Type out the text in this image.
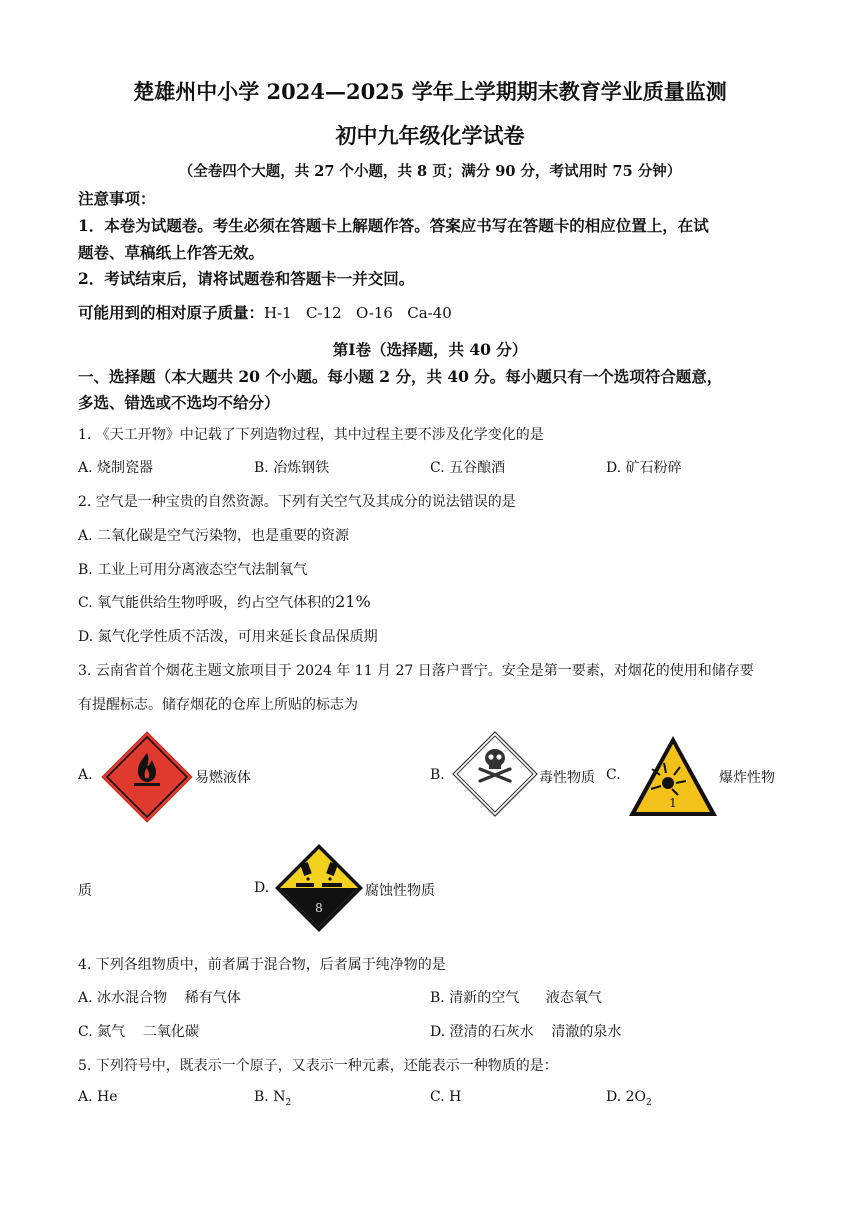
楚雄州中小学 2024—2025 学年上学期期末教育学业质量监测
初中九年级化学试卷
（全卷四个大题，共 27 个小题，共 8 页；满分 90 分，考试用时 75 分钟）
注意事项：
1．本卷为试题卷。考生必须在答题卡上解题作答。答案应书写在答题卡的相应位置上，在试
题卷、草稿纸上作答无效。
2．考试结束后，请将试题卷和答题卡一并交回。
可能用到的相对原子质量：H-1   C-12   O-16   Ca-40
第Ⅰ卷（选择题，共 40 分）
一、选择题（本大题共 20 个小题。每小题 2 分，共 40 分。每小题只有一个选项符合题意，
多选、错选或不选均不给分）
1. 《天工开物》中记载了下列造物过程，其中过程主要不涉及化学变化的是
A. 烧制瓷器	B. 冶炼钢铁	C. 五谷酿酒	D. 矿石粉碎
2. 空气是一种宝贵的自然资源。下列有关空气及其成分的说法错误的是
A. 二氧化碳是空气污染物，也是重要的资源
B. 工业上可用分离液态空气法制氧气
C. 氧气能供给生物呼吸，约占空气体积的21%
D. 氮气化学性质不活泼，可用来延长食品保质期
3. 云南省首个烟花主题文旅项目于 2024 年 11 月 27 日落户晋宁。安全是第一要素，对烟花的使用和储存要
有提醒标志。储存烟花的仓库上所贴的标志为
A.	易燃液体	B.	毒性物质 C.
1
爆炸性物
质	D.
8
腐蚀性物质
4. 下列各组物质中，前者属于混合物，后者属于纯净物的是
A. 冰水混合物    稀有气体	B. 清新的空气      液态氧气
C. 氮气    二氧化碳	D. 澄清的石灰水    清澈的泉水
5. 下列符号中，既表示一个原子，又表示一种元素，还能表示一种物质的是：
A. He	B. $N_2$	C. H	D. $2O_2$
